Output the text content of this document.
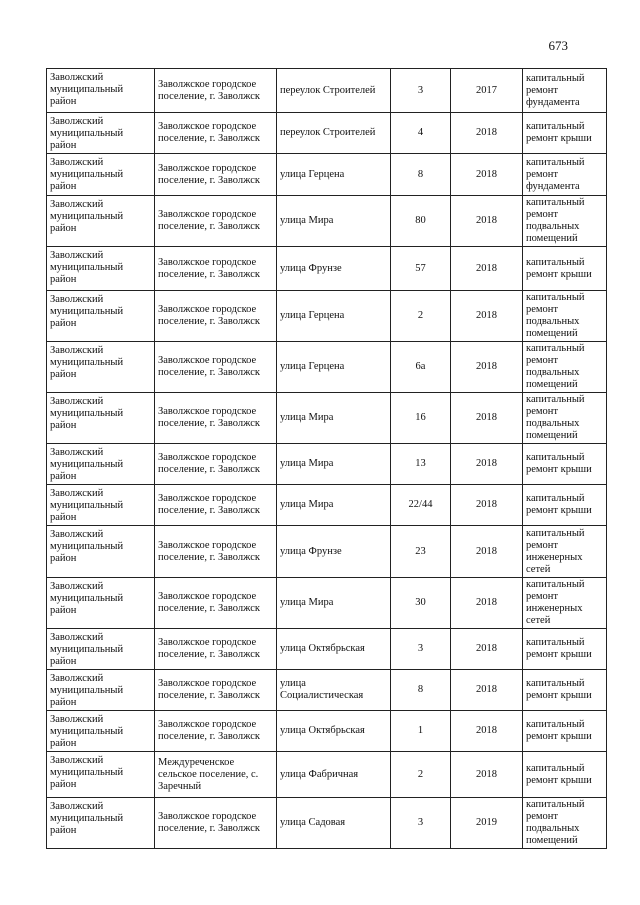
673
Заволжский муниципальный район	Заволжское городское поселение, г. Заволжск	переулок Строителей	3	2017	капитальный ремонт фундамента
Заволжский муниципальный район	Заволжское городское поселение, г. Заволжск	переулок Строителей	4	2018	капитальный ремонт крыши
Заволжский муниципальный район	Заволжское городское поселение, г. Заволжск	улица Герцена	8	2018	капитальный ремонт фундамента
Заволжский муниципальный район	Заволжское городское поселение, г. Заволжск	улица Мира	80	2018	капитальный ремонт подвальных помещений
Заволжский муниципальный район	Заволжское городское поселение, г. Заволжск	улица Фрунзе	57	2018	капитальный ремонт крыши
Заволжский муниципальный район	Заволжское городское поселение, г. Заволжск	улица Герцена	2	2018	капитальный ремонт подвальных помещений
Заволжский муниципальный район	Заволжское городское поселение, г. Заволжск	улица Герцена	6а	2018	капитальный ремонт подвальных помещений
Заволжский муниципальный район	Заволжское городское поселение, г. Заволжск	улица Мира	16	2018	капитальный ремонт подвальных помещений
Заволжский муниципальный район	Заволжское городское поселение, г. Заволжск	улица Мира	13	2018	капитальный ремонт крыши
Заволжский муниципальный район	Заволжское городское поселение, г. Заволжск	улица Мира	22/44	2018	капитальный ремонт крыши
Заволжский муниципальный район	Заволжское городское поселение, г. Заволжск	улица Фрунзе	23	2018	капитальный ремонт инженерных сетей
Заволжский муниципальный район	Заволжское городское поселение, г. Заволжск	улица Мира	30	2018	капитальный ремонт инженерных сетей
Заволжский муниципальный район	Заволжское городское поселение, г. Заволжск	улица Октябрьская	3	2018	капитальный ремонт крыши
Заволжский муниципальный район	Заволжское городское поселение, г. Заволжск	улица Социалистическая	8	2018	капитальный ремонт крыши
Заволжский муниципальный район	Заволжское городское поселение, г. Заволжск	улица Октябрьская	1	2018	капитальный ремонт крыши
Заволжский муниципальный район	Междуреченское сельское поселение, с. Заречный	улица Фабричная	2	2018	капитальный ремонт крыши
Заволжский муниципальный район	Заволжское городское поселение, г. Заволжск	улица Садовая	3	2019	капитальный ремонт подвальных помещений
